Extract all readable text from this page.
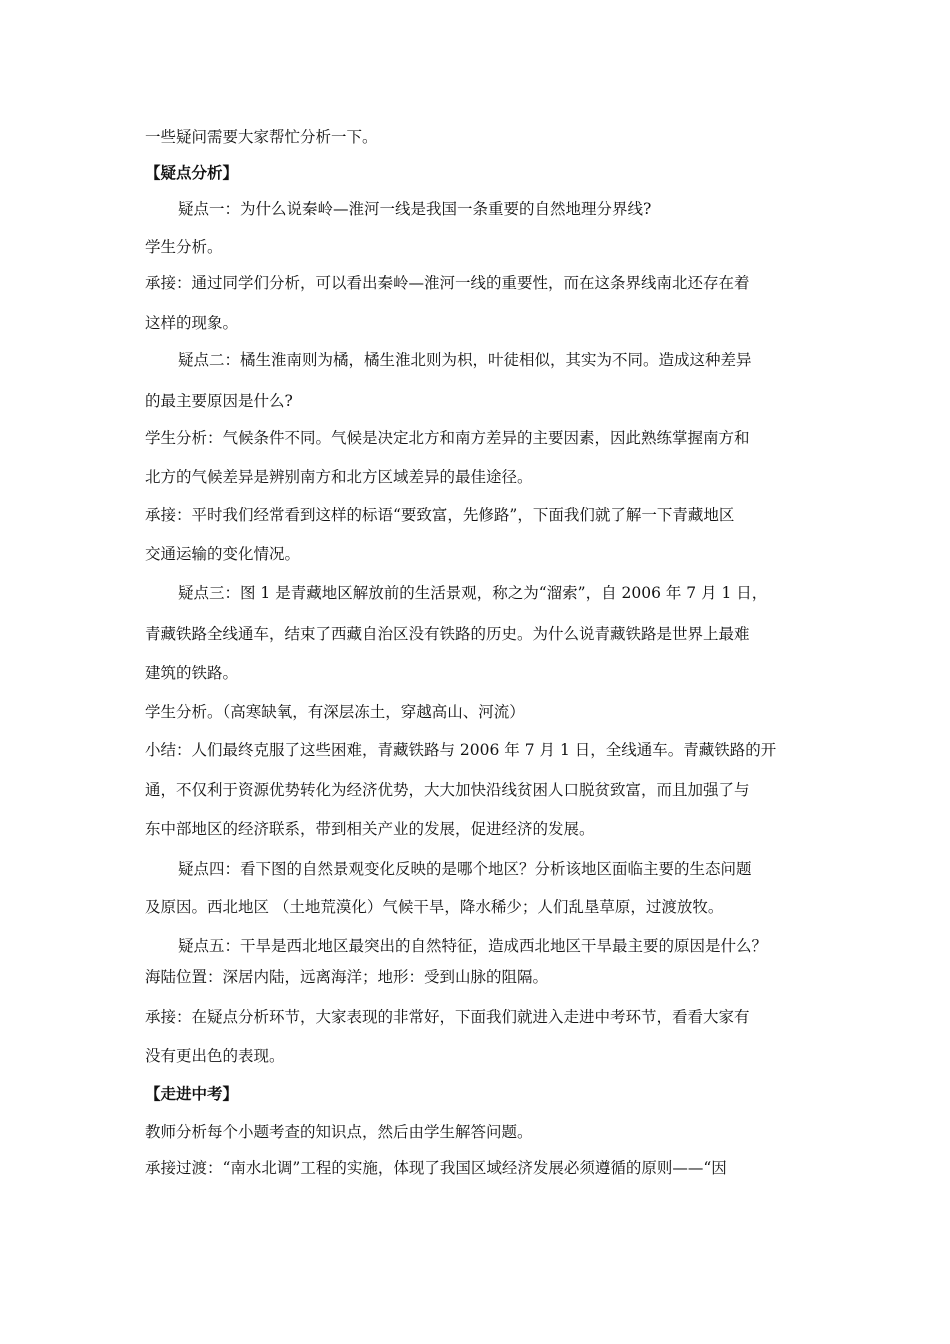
一些疑问需要大家帮忙分析一下。
【疑点分析】
疑点一：为什么说秦岭—淮河一线是我国一条重要的自然地理分界线?
学生分析。
承接：通过同学们分析，可以看出秦岭—淮河一线的重要性，而在这条界线南北还存在着
这样的现象。
疑点二：橘生淮南则为橘，橘生淮北则为枳，叶徒相似，其实为不同。造成这种差异
的最主要原因是什么?
学生分析：气候条件不同。气候是决定北方和南方差异的主要因素，因此熟练掌握南方和
北方的气候差异是辨别南方和北方区域差异的最佳途径。
承接：平时我们经常看到这样的标语“要致富，先修路”，下面我们就了解一下青藏地区
交通运输的变化情况。
疑点三：图 1 是青藏地区解放前的生活景观，称之为“溜索”，自 2006 年 7 月 1 日，
青藏铁路全线通车，结束了西藏自治区没有铁路的历史。为什么说青藏铁路是世界上最难
建筑的铁路。
学生分析。（高寒缺氧，有深层冻土，穿越高山、河流）
小结：人们最终克服了这些困难，青藏铁路与 2006 年 7 月 1 日，全线通车。青藏铁路的开
通，不仅利于资源优势转化为经济优势，大大加快沿线贫困人口脱贫致富，而且加强了与
东中部地区的经济联系，带到相关产业的发展，促进经济的发展。
疑点四：看下图的自然景观变化反映的是哪个地区？分析该地区面临主要的生态问题
及原因。西北地区 （土地荒漠化）气候干旱，降水稀少；人们乱垦草原，过渡放牧。
疑点五：干旱是西北地区最突出的自然特征，造成西北地区干旱最主要的原因是什么？
海陆位置：深居内陆，远离海洋；地形：受到山脉的阻隔。
承接：在疑点分析环节，大家表现的非常好，下面我们就进入走进中考环节，看看大家有
没有更出色的表现。
【走进中考】
教师分析每个小题考查的知识点，然后由学生解答问题。
承接过渡：“南水北调”工程的实施，体现了我国区域经济发展必须遵循的原则——“因
